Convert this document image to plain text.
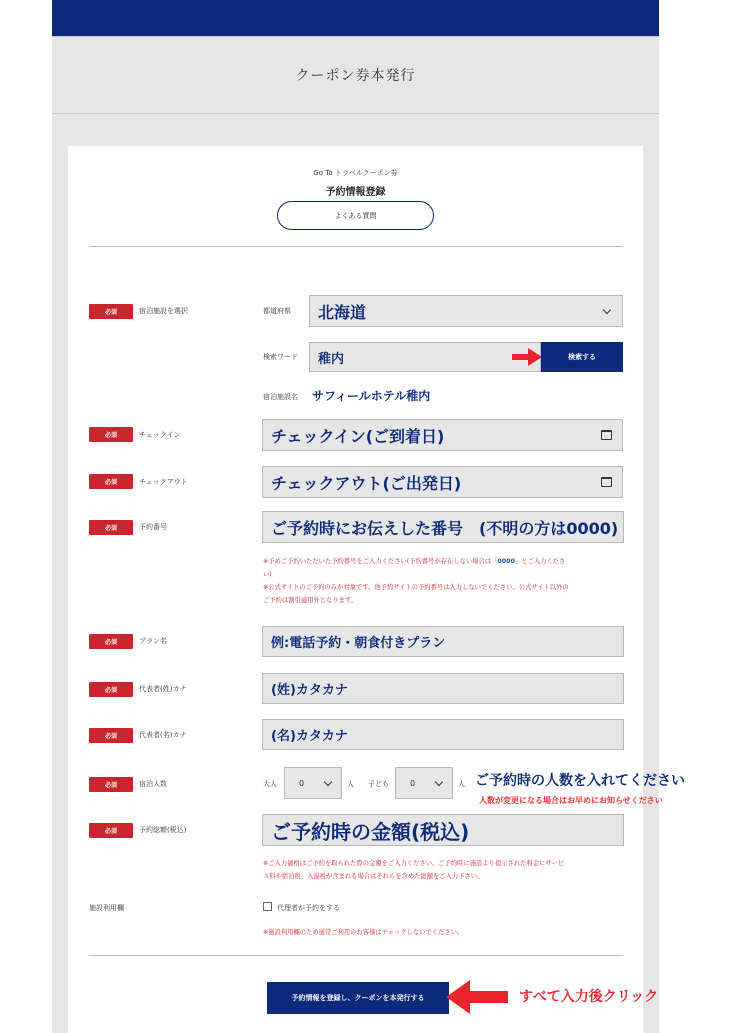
クーポン券本発行
Go To トラベルクーポン券
予約情報登録
よくある質問
必須	宿泊施設を選択	都道府県 北海道
検索ワード 稚内	検索する
宿泊施設名 サフィールホテル稚内
必須	チェックイン	チェックイン(ご到着日)
必須	チェックアウト	チェックアウト(ご出発日)
必須	予約番号	ご予約時にお伝えした番号　(不明の方は0000)
※予めご予約いただいた予約番号をご入力ください(予約番号が存在しない場合は「0000」とご入力くださ
い)
※公式サイトのご予約のみが対象です。他予約サイトの予約番号は入力しないでください。公式サイト以外の
ご予約は割引適用外となります。
必須	プラン名	例:電話予約・朝食付きプラン
必須	代表者(姓)カナ	(姓)カタカナ
必須	代表者(名)カナ	(名)カタカナ
必須	宿泊人数	大人	0	人 子ども	0	人 ご予約時の人数を入れてください
人数が変更になる場合はお早めにお知らせください
必須	予約総額(税込)	ご予約時の金額(税込)
※ご入力価格はご予約を取られた際の金額をご入力ください。ご予約時に施設より提示された料金にサービ
ス料や宿泊税、入湯税が含まれる場合はそれらを含めた総額をご入力下さい。
施設利用欄	代理者が予約をする
※施設利用欄のため通常ご利用のお客様はチェックしないでください。
予約情報を登録し、クーポンを本発行する	すべて入力後クリック
